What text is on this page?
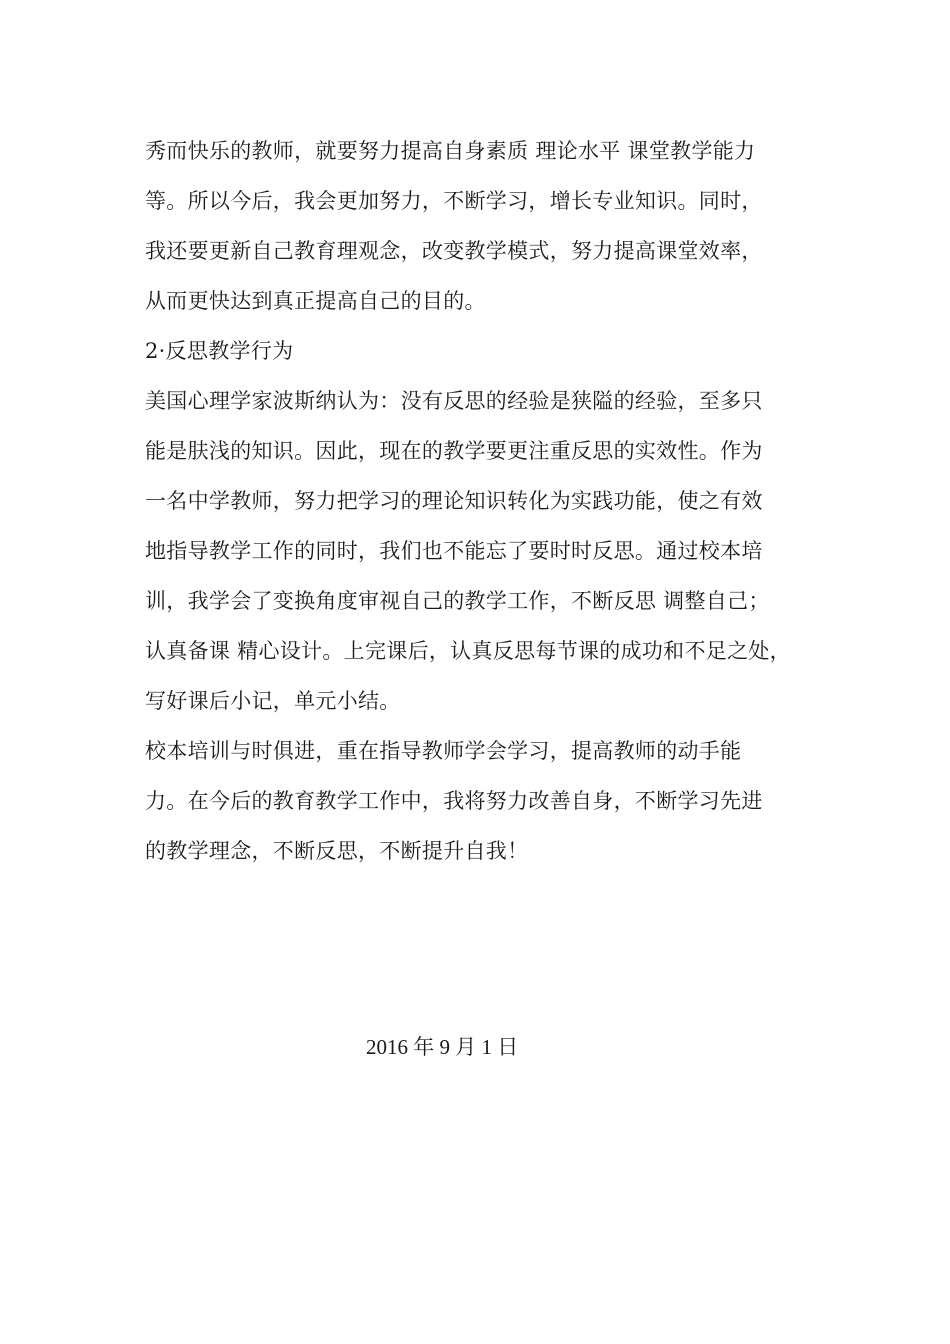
秀而快乐的教师，就要努力提高自身素质 理论水平 课堂教学能力
等。所以今后，我会更加努力，不断学习，增长专业知识。同时，
我还要更新自己教育理观念，改变教学模式，努力提高课堂效率，
从而更快达到真正提高自己的目的。
2·反思教学行为
美国心理学家波斯纳认为：没有反思的经验是狭隘的经验，至多只
能是肤浅的知识。因此，现在的教学要更注重反思的实效性。作为
一名中学教师，努力把学习的理论知识转化为实践功能，使之有效
地指导教学工作的同时，我们也不能忘了要时时反思。通过校本培
训，我学会了变换角度审视自己的教学工作，不断反思 调整自己；
认真备课 精心设计。上完课后，认真反思每节课的成功和不足之处，
写好课后小记，单元小结。
校本培训与时俱进，重在指导教师学会学习，提高教师的动手能
力。在今后的教育教学工作中，我将努力改善自身，不断学习先进
的教学理念，不断反思，不断提升自我！
2016 年 9 月 1 日
